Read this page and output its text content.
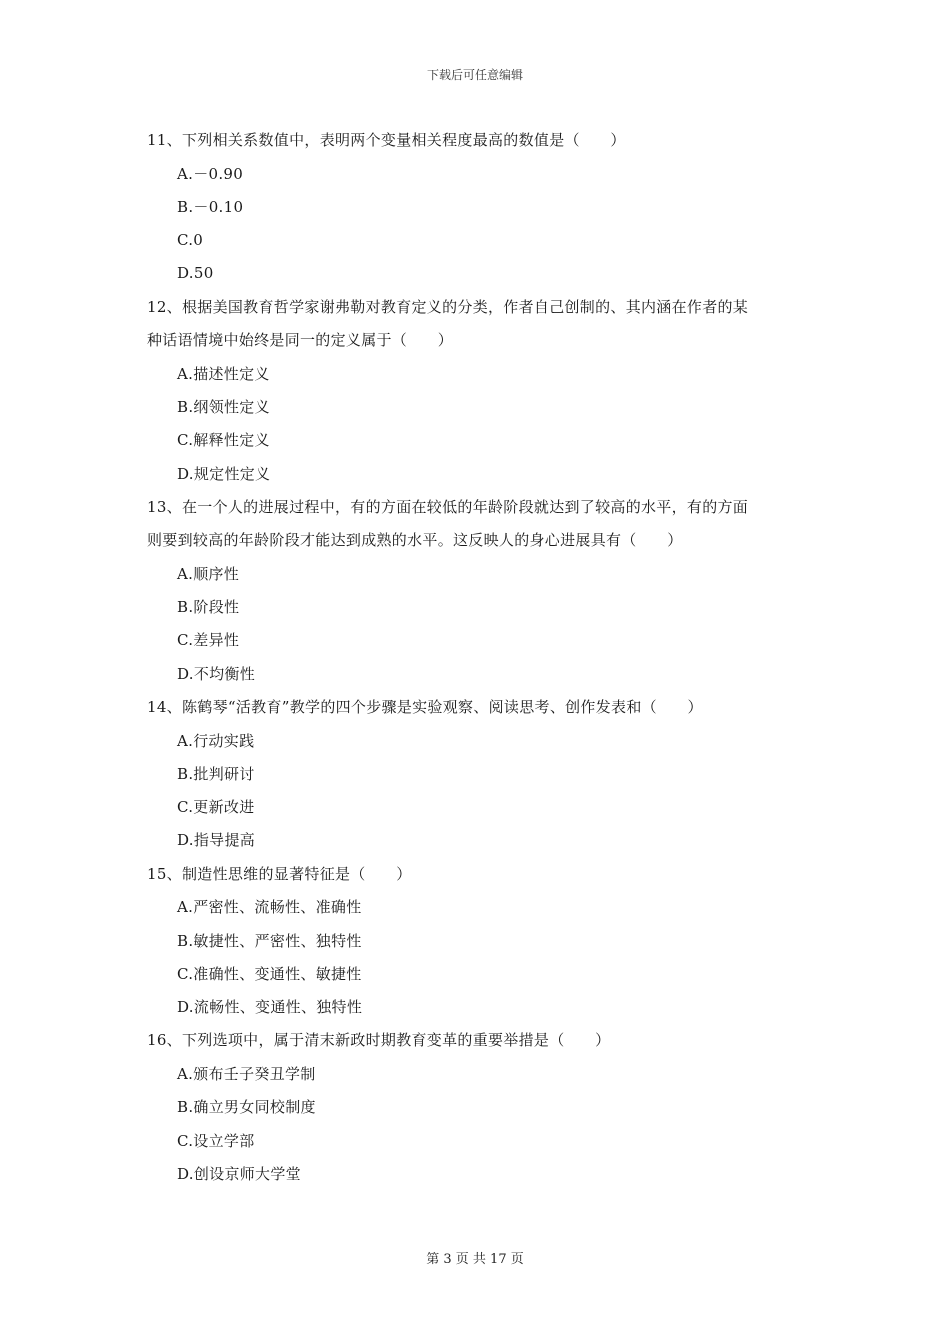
下载后可任意编辑
11、下列相关系数值中，表明两个变量相关程度最高的数值是（　　）
A.－0.90
B.－0.10
C.0
D.50
12、根据美国教育哲学家谢弗勒对教育定义的分类，作者自己创制的、其内涵在作者的某
种话语情境中始终是同一的定义属于（　　）
A.描述性定义
B.纲领性定义
C.解释性定义
D.规定性定义
13、在一个人的进展过程中，有的方面在较低的年龄阶段就达到了较高的水平，有的方面
则要到较高的年龄阶段才能达到成熟的水平。这反映人的身心进展具有（　　）
A.顺序性
B.阶段性
C.差异性
D.不均衡性
14、陈鹤琴“活教育”教学的四个步骤是实验观察、阅读思考、创作发表和（　　）
A.行动实践
B.批判研讨
C.更新改进
D.指导提高
15、制造性思维的显著特征是（　　）
A.严密性、流畅性、准确性
B.敏捷性、严密性、独特性
C.准确性、变通性、敏捷性
D.流畅性、变通性、独特性
16、下列选项中，属于清末新政时期教育变革的重要举措是（　　）
A.颁布壬子癸丑学制
B.确立男女同校制度
C.设立学部
D.创设京师大学堂
第 3 页 共 17 页
